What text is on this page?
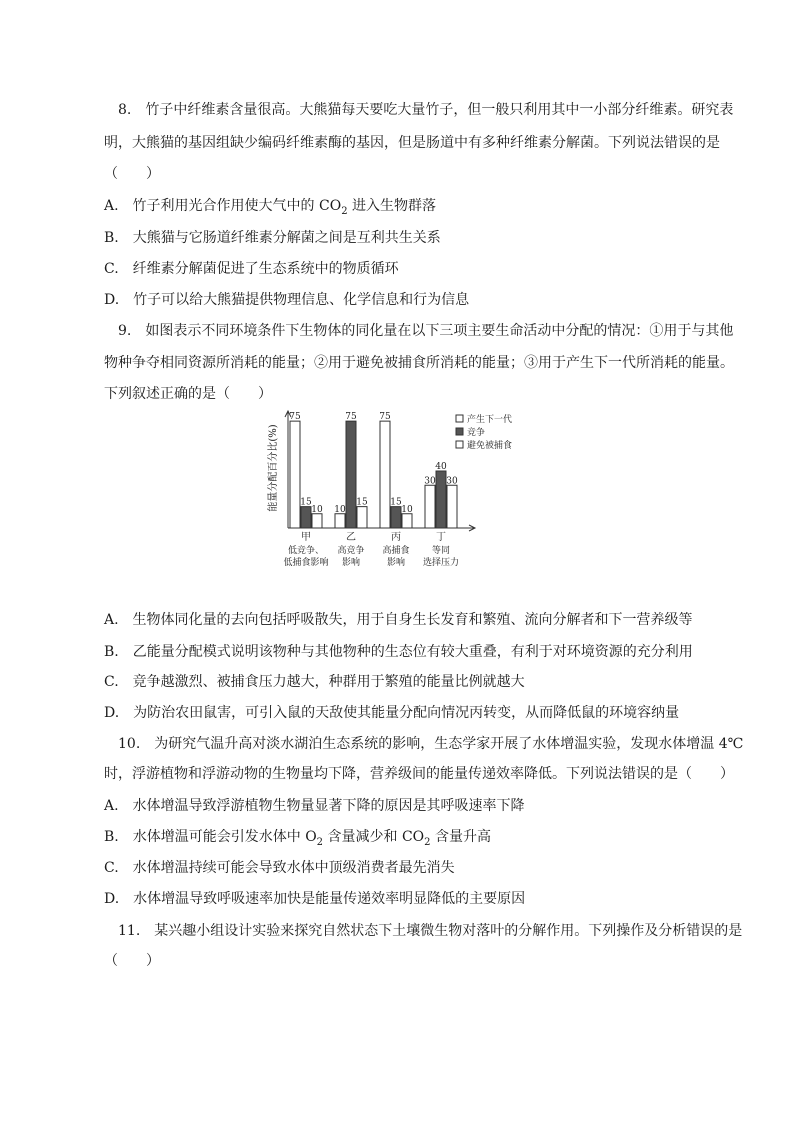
8.　竹子中纤维素含量很高。大熊猫每天要吃大量竹子，但一般只利用其中一小部分纤维素。研究表
明，大熊猫的基因组缺少编码纤维素酶的基因，但是肠道中有多种纤维素分解菌。下列说法错误的是
（　　）
A.　竹子利用光合作用使大气中的 $CO_2$ 进入生物群落
B.　大熊猫与它肠道纤维素分解菌之间是互利共生关系
C.　纤维素分解菌促进了生态系统中的物质循环
D.　竹子可以给大熊猫提供物理信息、化学信息和行为信息
9.　如图表示不同环境条件下生物体的同化量在以下三项主要生命活动中分配的情况：①用于与其他
物种争夺相同资源所消耗的能量；②用于避免被捕食所消耗的能量；③用于产生下一代所消耗的能量。
下列叙述正确的是（　　）
能量分配百分比(%)
75
15
10
甲
低竞争、
低捕食影响
10
75
15
乙
高竞争
影响
75
15
10
丙
高捕食
影响
30
40
30
丁
等同
选择压力
产生下一代
竞争
避免被捕食
A.　生物体同化量的去向包括呼吸散失，用于自身生长发育和繁殖、流向分解者和下一营养级等
B.　乙能量分配模式说明该物种与其他物种的生态位有较大重叠，有利于对环境资源的充分利用
C.　竞争越激烈、被捕食压力越大，种群用于繁殖的能量比例就越大
D.　为防治农田鼠害，可引入鼠的天敌使其能量分配向情况丙转变，从而降低鼠的环境容纳量
10.　为研究气温升高对淡水湖泊生态系统的影响，生态学家开展了水体增温实验，发现水体增温 4℃
时，浮游植物和浮游动物的生物量均下降，营养级间的能量传递效率降低。下列说法错误的是（　　）
A.　水体增温导致浮游植物生物量显著下降的原因是其呼吸速率下降
B.　水体增温可能会引发水体中 $O_2$ 含量减少和 $CO_2$ 含量升高
C.　水体增温持续可能会导致水体中顶级消费者最先消失
D.　水体增温导致呼吸速率加快是能量传递效率明显降低的主要原因
11.　某兴趣小组设计实验来探究自然状态下土壤微生物对落叶的分解作用。下列操作及分析错误的是
（　　）
